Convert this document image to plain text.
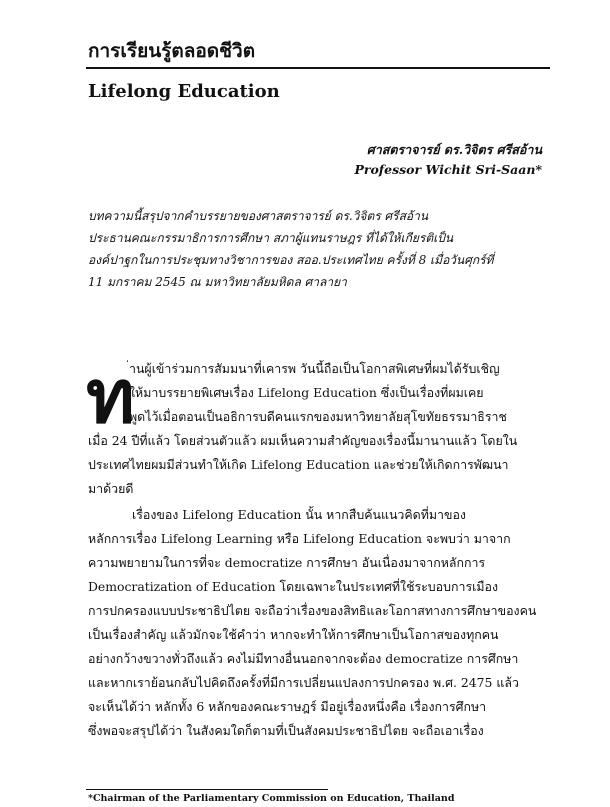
การเรียนรู้ตลอดชีวิต
Lifelong Education
ศาสตราจารย์ ดร.วิจิตร ศรีสอ้าน
Professor Wichit Sri-Saan*
บทความนี้สรุปจากคำบรรยายของศาสตราจารย์ ดร.วิจิตร ศรีสอ้าน
ประธานคณะกรรมาธิการการศึกษา สภาผู้แทนราษฎร ที่ได้ให้เกียรติเป็น
องค์ปาฐกในการประชุมทางวิชาการของ สออ.ประเทศไทย ครั้งที่ 8 เมื่อวันศุกร์ที่
11 มกราคม 2545 ณ มหาวิทยาลัยมหิดล ศาลายา
ท
่านผู้เข้าร่วมการสัมมนาที่เคารพ วันนี้ถือเป็นโอกาสพิเศษที่ผมได้รับเชิญ
ให้มาบรรยายพิเศษเรื่อง Lifelong Education ซึ่งเป็นเรื่องที่ผมเคย
พูดไว้เมื่อตอนเป็นอธิการบดีคนแรกของมหาวิทยาลัยสุโขทัยธรรมาธิราช
เมื่อ 24 ปีที่แล้ว โดยส่วนตัวแล้ว ผมเห็นความสำคัญของเรื่องนี้มานานแล้ว โดยใน
ประเทศไทยผมมีส่วนทำให้เกิด Lifelong Education และช่วยให้เกิดการพัฒนา
มาด้วยดี
เรื่องของ Lifelong Education นั้น หากสืบค้นแนวคิดที่มาของ
หลักการเรื่อง Lifelong Learning หรือ Lifelong Education จะพบว่า มาจาก
ความพยายามในการที่จะ democratize การศึกษา อันเนื่องมาจากหลักการ
Democratization of Education โดยเฉพาะในประเทศที่ใช้ระบอบการเมือง
การปกครองแบบประชาธิปไตย จะถือว่าเรื่องของสิทธิและโอกาสทางการศึกษาของคน
เป็นเรื่องสำคัญ แล้วมักจะใช้คำว่า หากจะทำให้การศึกษาเป็นโอกาสของทุกคน
อย่างกว้างขวางทั่วถึงแล้ว คงไม่มีทางอื่นนอกจากจะต้อง democratize การศึกษา
และหากเราย้อนกลับไปคิดถึงครั้งที่มีการเปลี่ยนแปลงการปกครอง พ.ศ. 2475 แล้ว
จะเห็นได้ว่า หลักทั้ง 6 หลักของคณะราษฎร์ มีอยู่เรื่องหนึ่งคือ เรื่องการศึกษา
ซึ่งพอจะสรุปได้ว่า ในสังคมใดก็ตามที่เป็นสังคมประชาธิปไตย จะถือเอาเรื่อง
*Chairman of the Parliamentary Commission on Education, Thailand
